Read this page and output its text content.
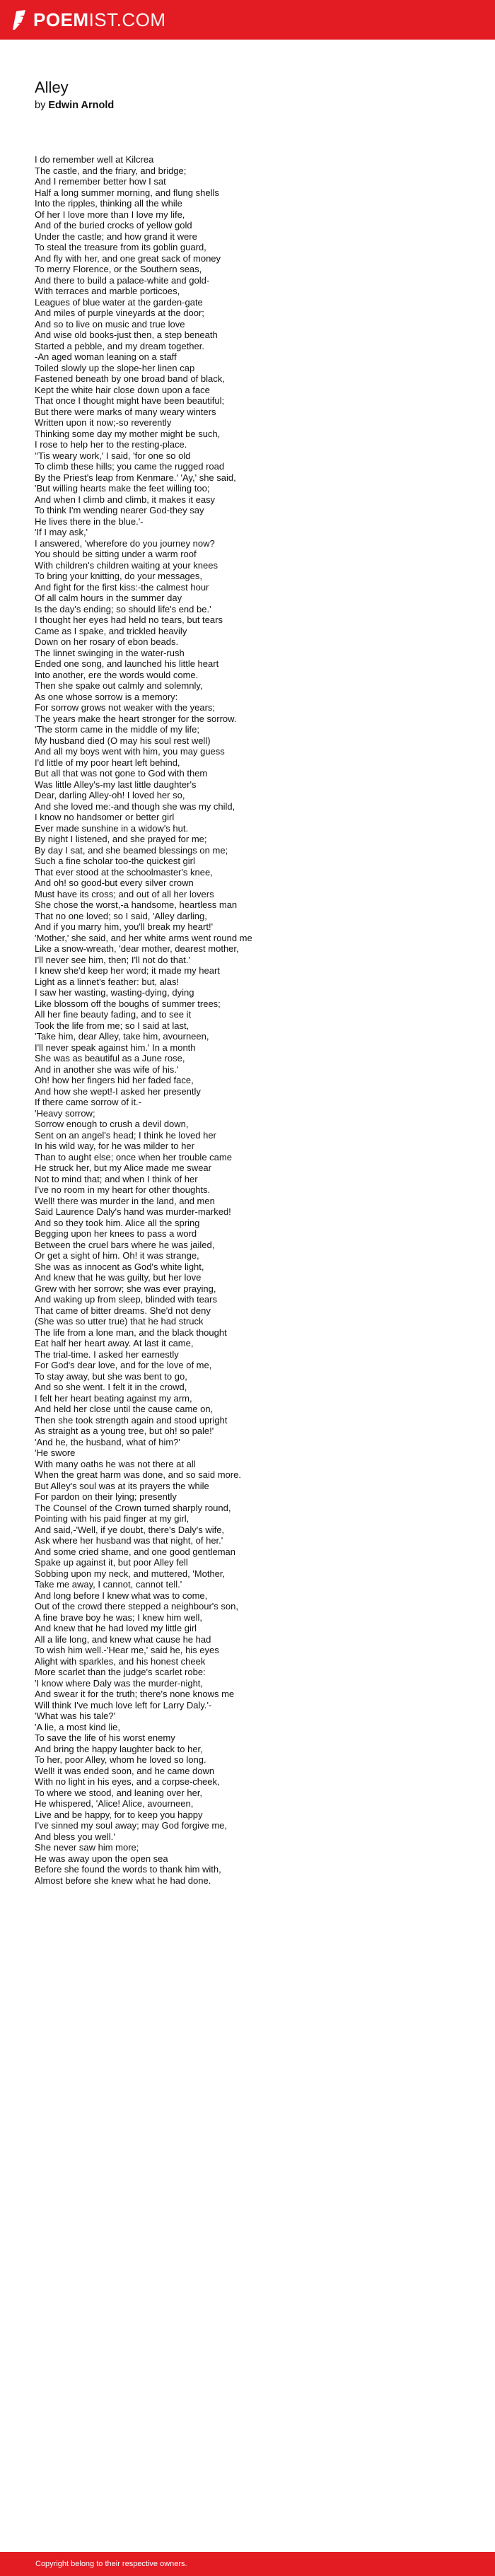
POEMIST.COM
Alley
by Edwin Arnold
I do remember well at Kilcrea
The castle, and the friary, and bridge;
And I remember better how I sat
Half a long summer morning, and flung shells
Into the ripples, thinking all the while
Of her I love more than I love my life,
And of the buried crocks of yellow gold
Under the castle; and how grand it were
To steal the treasure from its goblin guard,
And fly with her, and one great sack of money
To merry Florence, or the Southern seas,
And there to build a palace-white and gold-
With terraces and marble porticoes,
Leagues of blue water at the garden-gate
And miles of purple vineyards at the door;
And so to live on music and true love
And wise old books-just then, a step beneath
Started a pebble, and my dream together.
-An aged woman leaning on a staff
Toiled slowly up the slope-her linen cap
Fastened beneath by one broad band of black,
Kept the white hair close down upon a face
That once I thought might have been beautiful;
But there were marks of many weary winters
Written upon it now;-so reverently
Thinking some day my mother might be such,
I rose to help her to the resting-place.
''Tis weary work,' I said, 'for one so old
To climb these hills; you came the rugged road
By the Priest's leap from Kenmare.' 'Ay,' she said,
'But willing hearts make the feet willing too;
And when I climb and climb, it makes it easy
To think I'm wending nearer God-they say
He lives there in the blue.'-
'If I may ask,'
I answered, 'wherefore do you journey now?
You should be sitting under a warm roof
With children's children waiting at your knees
To bring your knitting, do your messages,
And fight for the first kiss:-the calmest hour
Of all calm hours in the summer day
Is the day's ending; so should life's end be.'
I thought her eyes had held no tears, but tears
Came as I spake, and trickled heavily
Down on her rosary of ebon beads.
The linnet swinging in the water-rush
Ended one song, and launched his little heart
Into another, ere the words would come.
Then she spake out calmly and solemnly,
As one whose sorrow is a memory:
For sorrow grows not weaker with the years;
The years make the heart stronger for the sorrow.
'The storm came in the middle of my life;
My husband died (O may his soul rest well)
And all my boys went with him, you may guess
I'd little of my poor heart left behind,
But all that was not gone to God with them
Was little Alley's-my last little daughter's
Dear, darling Alley-oh! I loved her so,
And she loved me:-and though she was my child,
I know no handsomer or better girl
Ever made sunshine in a widow's hut.
By night I listened, and she prayed for me;
By day I sat, and she beamed blessings on me;
Such a fine scholar too-the quickest girl
That ever stood at the schoolmaster's knee,
And oh! so good-but every silver crown
Must have its cross; and out of all her lovers
She chose the worst,-a handsome, heartless man
That no one loved; so I said, 'Alley darling,
And if you marry him, you'll break my heart!'
'Mother,' she said, and her white arms went round me
Like a snow-wreath, 'dear mother, dearest mother,
I'll never see him, then; I'll not do that.'
I knew she'd keep her word; it made my heart
Light as a linnet's feather: but, alas!
I saw her wasting, wasting-dying, dying
Like blossom off the boughs of summer trees;
All her fine beauty fading, and to see it
Took the life from me; so I said at last,
'Take him, dear Alley, take him, avourneen,
I'll never speak against him.' In a month
She was as beautiful as a June rose,
And in another she was wife of his.'
Oh! how her fingers hid her faded face,
And how she wept!-I asked her presently
If there came sorrow of it.-
'Heavy sorrow;
Sorrow enough to crush a devil down,
Sent on an angel's head; I think he loved her
In his wild way, for he was milder to her
Than to aught else; once when her trouble came
He struck her, but my Alice made me swear
Not to mind that; and when I think of her
I've no room in my heart for other thoughts.
Well! there was murder in the land, and men
Said Laurence Daly's hand was murder-marked!
And so they took him. Alice all the spring
Begging upon her knees to pass a word
Between the cruel bars where he was jailed,
Or get a sight of him. Oh! it was strange,
She was as innocent as God's white light,
And knew that he was guilty, but her love
Grew with her sorrow; she was ever praying,
And waking up from sleep, blinded with tears
That came of bitter dreams. She'd not deny
(She was so utter true) that he had struck
The life from a lone man, and the black thought
Eat half her heart away. At last it came,
The trial-time. I asked her earnestly
For God's dear love, and for the love of me,
To stay away, but she was bent to go,
And so she went. I felt it in the crowd,
I felt her heart beating against my arm,
And held her close until the cause came on,
Then she took strength again and stood upright
As straight as a young tree, but oh! so pale!'
'And he, the husband, what of him?'
'He swore
With many oaths he was not there at all
When the great harm was done, and so said more.
But Alley's soul was at its prayers the while
For pardon on their lying; presently
The Counsel of the Crown turned sharply round,
Pointing with his paid finger at my girl,
And said,-'Well, if ye doubt, there's Daly's wife,
Ask where her husband was that night, of her.'
And some cried shame, and one good gentleman
Spake up against it, but poor Alley fell
Sobbing upon my neck, and muttered, 'Mother,
Take me away, I cannot, cannot tell.'
And long before I knew what was to come,
Out of the crowd there stepped a neighbour's son,
A fine brave boy he was; I knew him well,
And knew that he had loved my little girl
All a life long, and knew what cause he had
To wish him well.-'Hear me,' said he, his eyes
Alight with sparkles, and his honest cheek
More scarlet than the judge's scarlet robe:
'I know where Daly was the murder-night,
And swear it for the truth; there's none knows me
Will think I've much love left for Larry Daly.'-
'What was his tale?'
'A lie, a most kind lie,
To save the life of his worst enemy
And bring the happy laughter back to her,
To her, poor Alley, whom he loved so long.
Well! it was ended soon, and he came down
With no light in his eyes, and a corpse-cheek,
To where we stood, and leaning over her,
He whispered, 'Alice! Alice, avourneen,
Live and be happy, for to keep you happy
I've sinned my soul away; may God forgive me,
And bless you well.'
She never saw him more;
He was away upon the open sea
Before she found the words to thank him with,
Almost before she knew what he had done.
Copyright belong to their respective owners.
